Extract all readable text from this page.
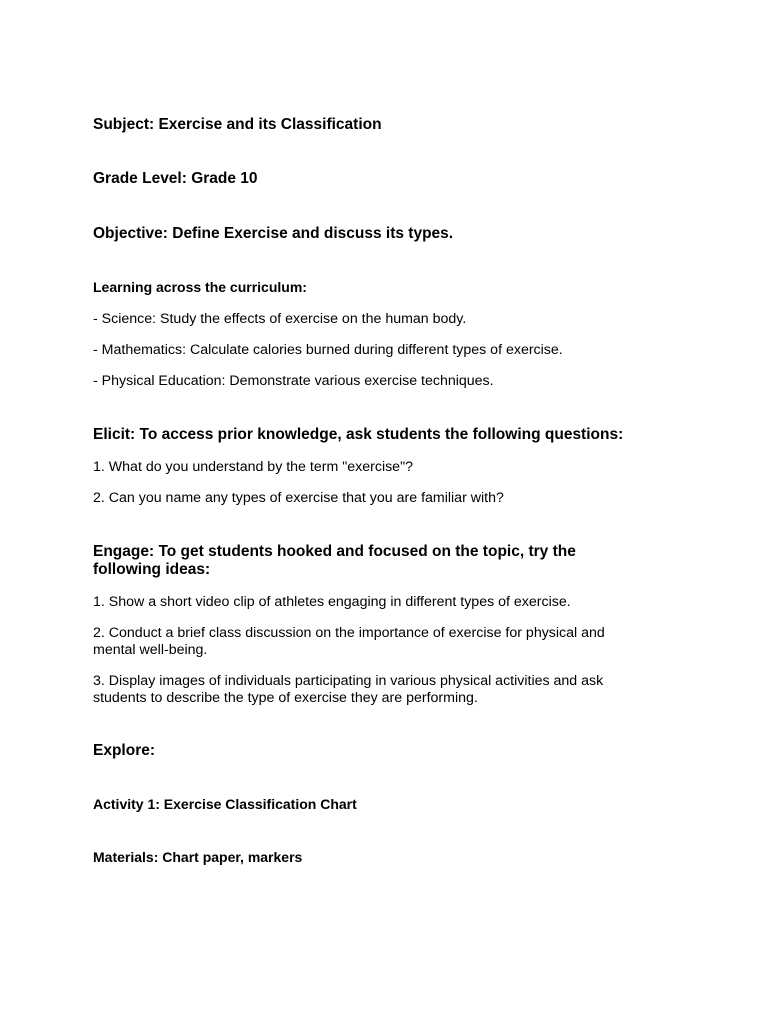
Subject: Exercise and its Classification

Grade Level: Grade 10

Objective: Define Exercise and discuss its types.

Learning across the curriculum:

- Science: Study the effects of exercise on the human body.

- Mathematics: Calculate calories burned during different types of exercise.

- Physical Education: Demonstrate various exercise techniques.

Elicit: To access prior knowledge, ask students the following questions:

1. What do you understand by the term "exercise"?

2. Can you name any types of exercise that you are familiar with?

Engage: To get students hooked and focused on the topic, try the

following ideas:

1. Show a short video clip of athletes engaging in different types of exercise.

2. Conduct a brief class discussion on the importance of exercise for physical and

mental well-being.

3. Display images of individuals participating in various physical activities and ask

students to describe the type of exercise they are performing.

Explore:

Activity 1: Exercise Classification Chart

Materials: Chart paper, markers
